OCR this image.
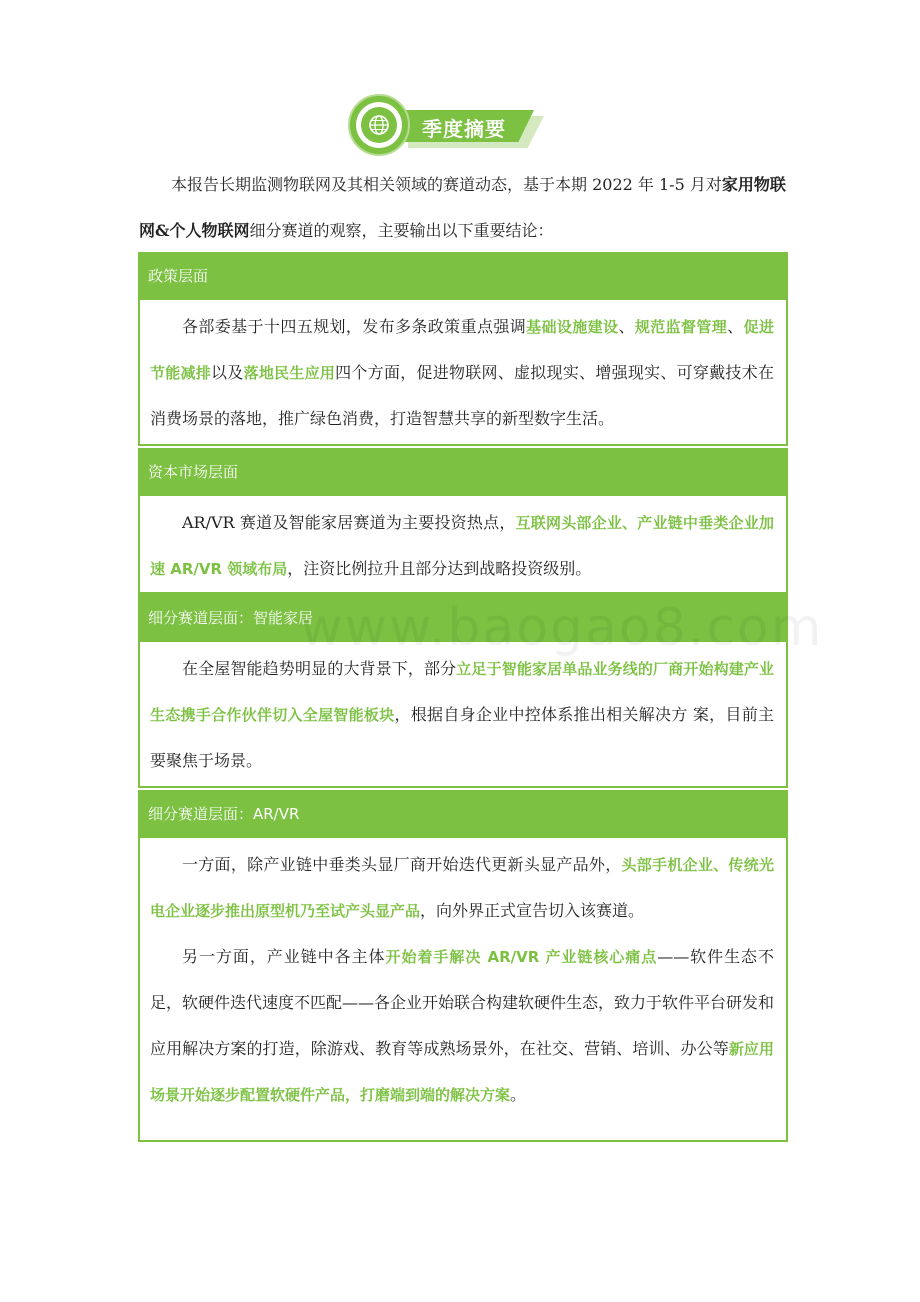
季度摘要
本报告长期监测物联网及其相关领域的赛道动态，基于本期 2022 年 1-5 月对家用物联网&个人物联网细分赛道的观察，主要输出以下重要结论：
政策层面

各部委基于十四五规划，发布多条政策重点强调基础设施建设、规范监督管理、促进节能减排以及落地民生应用四个方面，促进物联网、虚拟现实、增强现实、可穿戴技术在消费场景的落地，推广绿色消费，打造智慧共享的新型数字生活。

资本市场层面

AR/VR 赛道及智能家居赛道为主要投资热点，互联网头部企业、产业链中垂类企业加速 AR/VR 领域布局，注资比例拉升且部分达到战略投资级别。

细分赛道层面：智能家居

在全屋智能趋势明显的大背景下，部分立足于智能家居单品业务线的厂商开始构建产业生态携手合作伙伴切入全屋智能板块，根据自身企业中控体系推出相关解决方 案，目前主要聚焦于场景。

细分赛道层面：AR/VR

一方面，除产业链中垂类头显厂商开始迭代更新头显产品外，头部手机企业、传统光电企业逐步推出原型机乃至试产头显产品，向外界正式宣告切入该赛道。

另一方面，产业链中各主体开始着手解决 AR/VR 产业链核心痛点——软件生态不足，软硬件迭代速度不匹配——各企业开始联合构建软硬件生态，致力于软件平台研发和应用解决方案的打造，除游戏、教育等成熟场景外，在社交、营销、培训、办公等新应用场景开始逐步配置软硬件产品，打磨端到端的解决方案。

www.baogao8.com
